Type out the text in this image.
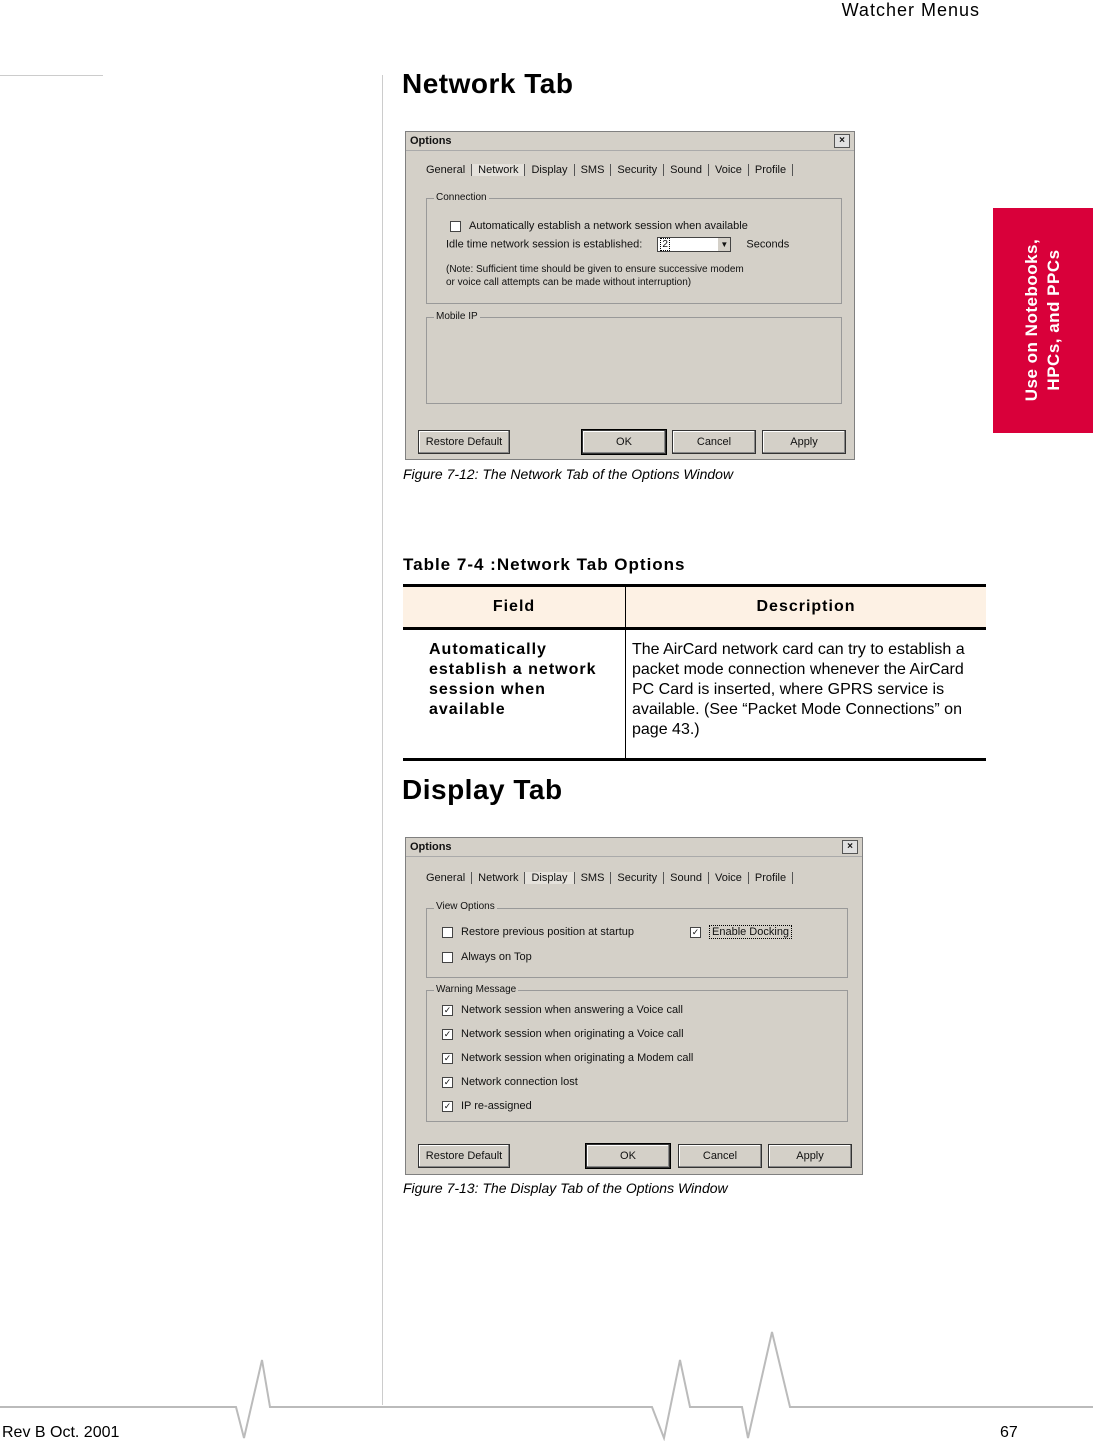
Watcher Menus
Use on Notebooks, HPCs, and PPCs
Network Tab
Options	×
General	Network	Display	SMS	Security	Sound	Voice	Profile
Connection
Automatically establish a network session when available
Idle time network session is established: 2	▼ Seconds
(Note: Sufficient time should be given to ensure successive modem
or voice call attempts can be made without interruption)
Mobile IP
Restore Default	OK	Cancel	Apply
Figure 7-12: The Network Tab of the Options Window
Table 7-4 :Network Tab Options
Field	Description
Automatically establish a network session when available	The AirCard network card can try to establish a packet mode connection whenever the AirCard PC Card is inserted, where GPRS service is available. (See “Packet Mode Connections” on page 43.)
Display Tab
Options	×
General	Network	Display	SMS	Security	Sound	Voice	Profile
View Options
Restore previous position at startup	✓ Enable Docking
Always on Top
Warning Message
✓ Network session when answering a Voice call
✓ Network session when originating a Voice call
✓ Network session when originating a Modem call
✓ Network connection lost
✓ IP re-assigned
Restore Default	OK	Cancel	Apply
Figure 7-13: The Display Tab of the Options Window
Rev B Oct. 2001	67
